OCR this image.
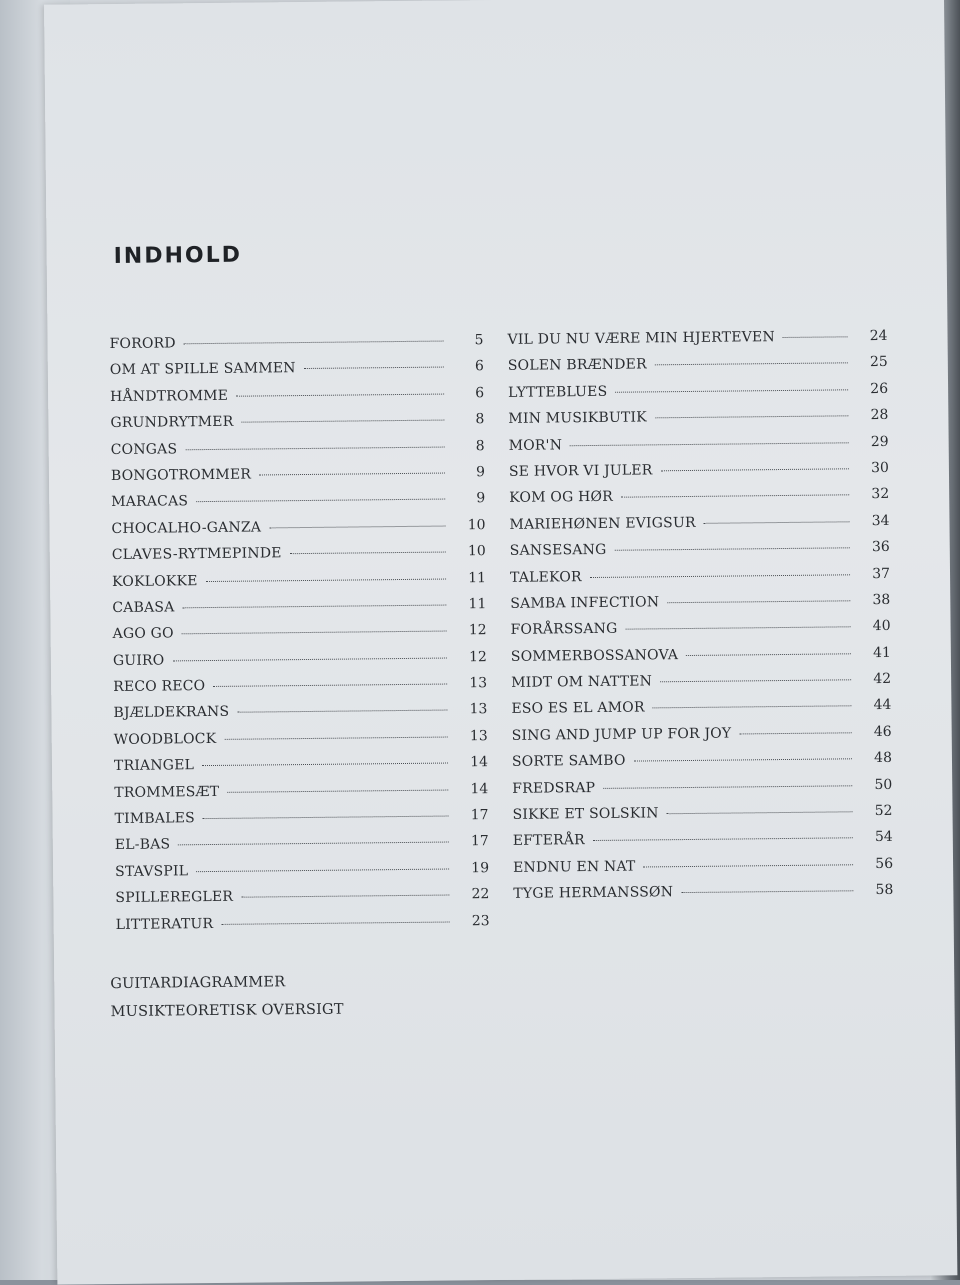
INDHOLD
FORORD	5
OM AT SPILLE SAMMEN	6
HÅNDTROMME	6
GRUNDRYTMER	8
CONGAS	8
BONGOTROMMER	9
MARACAS	9
CHOCALHO-GANZA	10
CLAVES-RYTMEPINDE	10
KOKLOKKE	11
CABASA	11
AGO GO	12
GUIRO	12
RECO RECO	13
BJÆLDEKRANS	13
WOODBLOCK	13
TRIANGEL	14
TROMMESÆT	14
TIMBALES	17
EL-BAS	17
STAVSPIL	19
SPILLEREGLER	22
LITTERATUR	23
VIL DU NU VÆRE MIN HJERTEVEN	24
SOLEN BRÆNDER	25
LYTTEBLUES	26
MIN MUSIKBUTIK	28
MOR'N	29
SE HVOR VI JULER	30
KOM OG HØR	32
MARIEHØNEN EVIGSUR	34
SANSESANG	36
TALEKOR	37
SAMBA INFECTION	38
FORÅRSSANG	40
SOMMERBOSSANOVA	41
MIDT OM NATTEN	42
ESO ES EL AMOR	44
SING AND JUMP UP FOR JOY	46
SORTE SAMBO	48
FREDSRAP	50
SIKKE ET SOLSKIN	52
EFTERÅR	54
ENDNU EN NAT	56
TYGE HERMANSSØN	58
GUITARDIAGRAMMER
MUSIKTEORETISK OVERSIGT
